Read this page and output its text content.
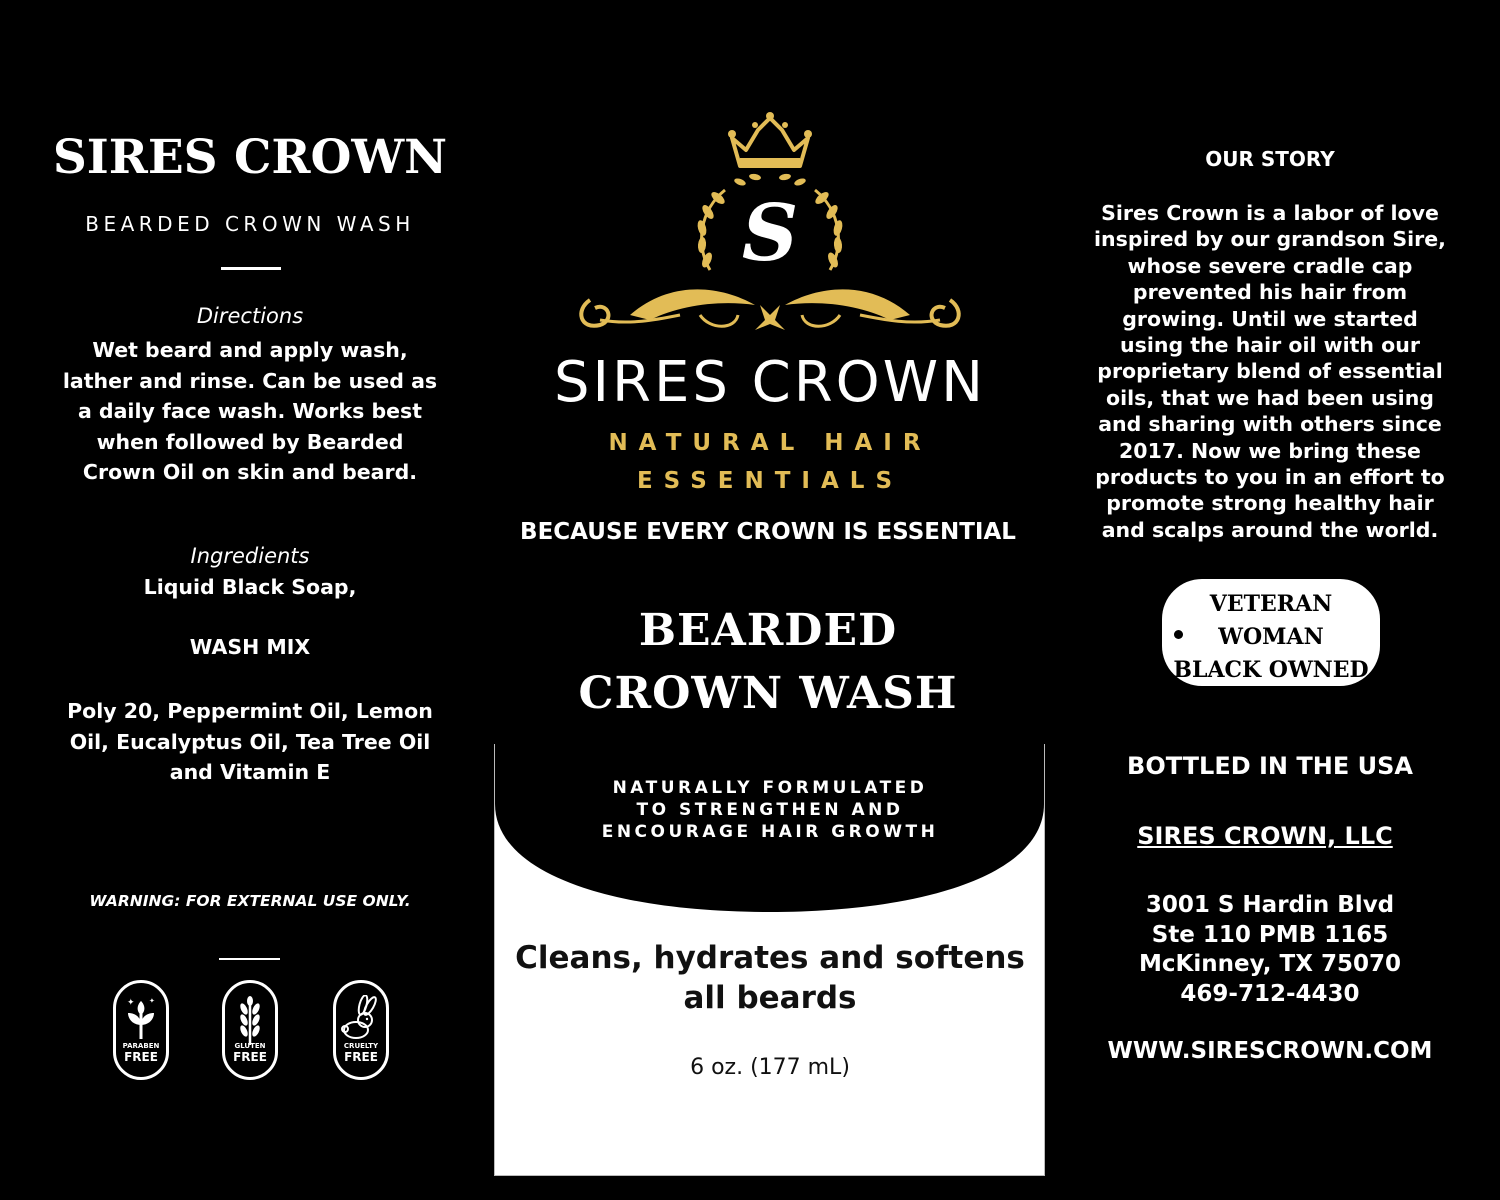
SIRES CROWN
BEARDED CROWN WASH
Directions
Wet beard and apply wash, lather and rinse. Can be used as a daily face wash. Works best when followed by Bearded Crown Oil on skin and beard.
Ingredients
Liquid Black Soap,
WASH MIX
Poly 20, Peppermint Oil, Lemon Oil, Eucalyptus Oil, Tea Tree Oil and Vitamin E
WARNING: FOR EXTERNAL USE ONLY.
✦ ✦
PARABEN
FREE
GLUTEN
FREE
CRUELTY
FREE
S
SIRES CROWN
NATURAL HAIR
ESSENTIALS
BECAUSE EVERY CROWN IS ESSENTIAL
BEARDED
CROWN WASH
NATURALLY FORMULATED
TO STRENGTHEN AND
ENCOURAGE HAIR GROWTH
Cleans, hydrates and softens all beards
6 oz. (177 mL)
OUR STORY
Sires Crown is a labor of love inspired by our grandson Sire, whose severe cradle cap prevented his hair from growing. Until we started using the hair oil with our proprietary blend of essential oils, that we had been using and sharing with others since 2017. Now we bring these products to you in an effort to promote strong healthy hair and scalps around the world.
VETERAN
WOMAN
BLACK OWNED
BOTTLED IN THE USA
SIRES CROWN, LLC
3001 S Hardin Blvd
Ste 110 PMB 1165
McKinney, TX 75070
469-712-4430
WWW.SIRESCROWN.COM
